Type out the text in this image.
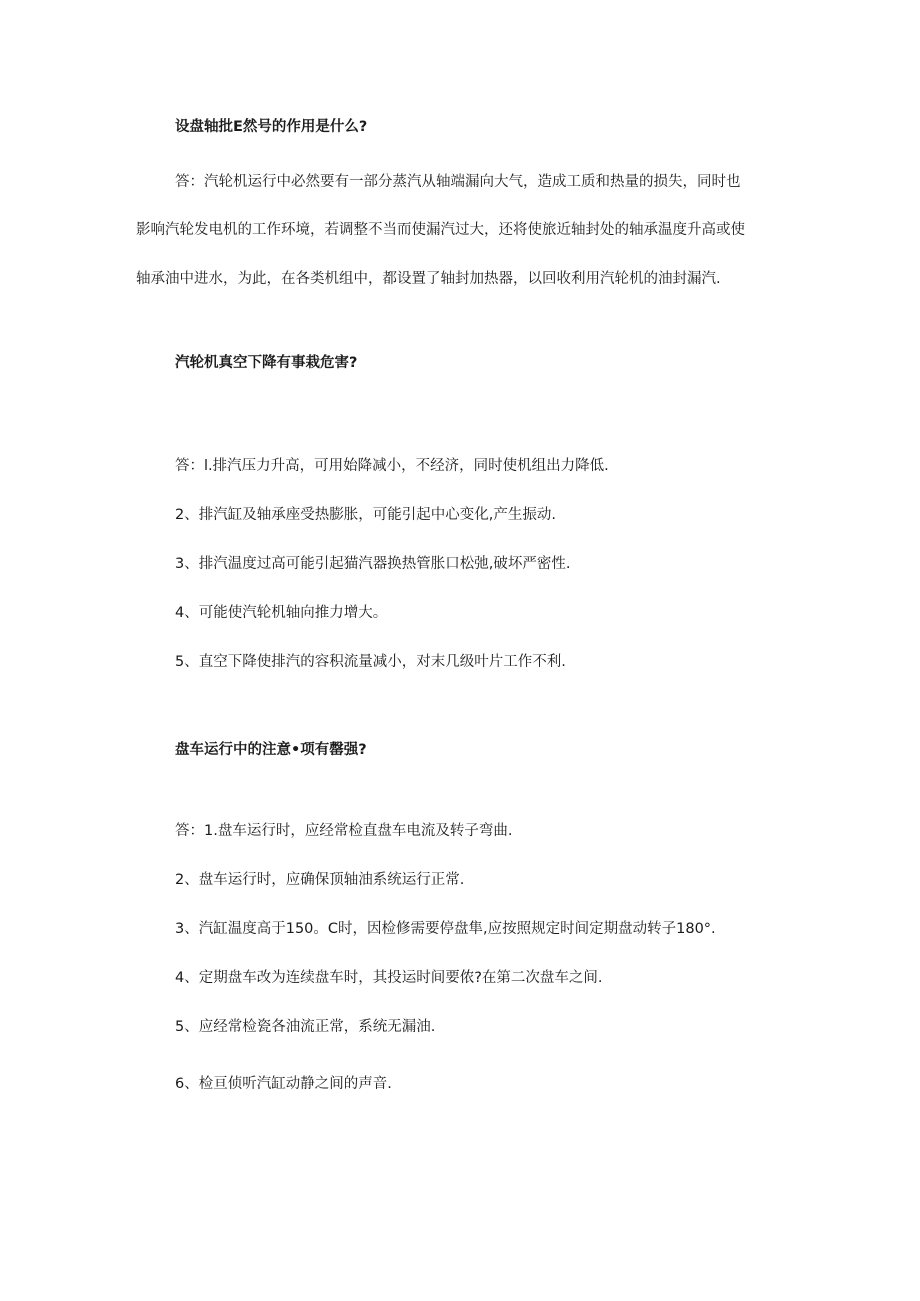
设盘轴批E然号的作用是什么?
答：汽轮机运行中必然要有一部分蒸汽从轴端漏向大气，造成工质和热量的损失，同时也
影响汽轮发电机的工作环境，若调整不当而使漏汽过大，还将使旅近轴封处的轴承温度升高或使
轴承油中进水，为此，在各类机组中，都设置了轴封加热器，以回收利用汽轮机的油封漏汽.
汽轮机真空下降有事栽危害?
答：l.排汽压力升高，可用始降减小，不经济，同时使机组出力降低.
2、排汽缸及轴承座受热膨胀，可能引起中心变化,产生振动.
3、排汽温度过高可能引起猫汽器换热管胀口松弛,破坏严密性.
4、可能使汽轮机轴向推力增大。
5、直空下降使排汽的容积流量减小，对末几级叶片工作不利.
盘车运行中的注意•项有罄强?
答：1.盘车运行时，应经常检直盘车电流及转子弯曲.
2、盘车运行时，应确保顶轴油系统运行正常.
3、汽缸温度高于150。C时，因检修需要停盘隼,应按照规定时间定期盘动转子180°.
4、定期盘车改为连续盘车时，其投运时间要侬?在第二次盘车之间.
5、应经常检瓷各油流正常，系统无漏油.
6、检亘侦听汽缸动静之间的声音.
